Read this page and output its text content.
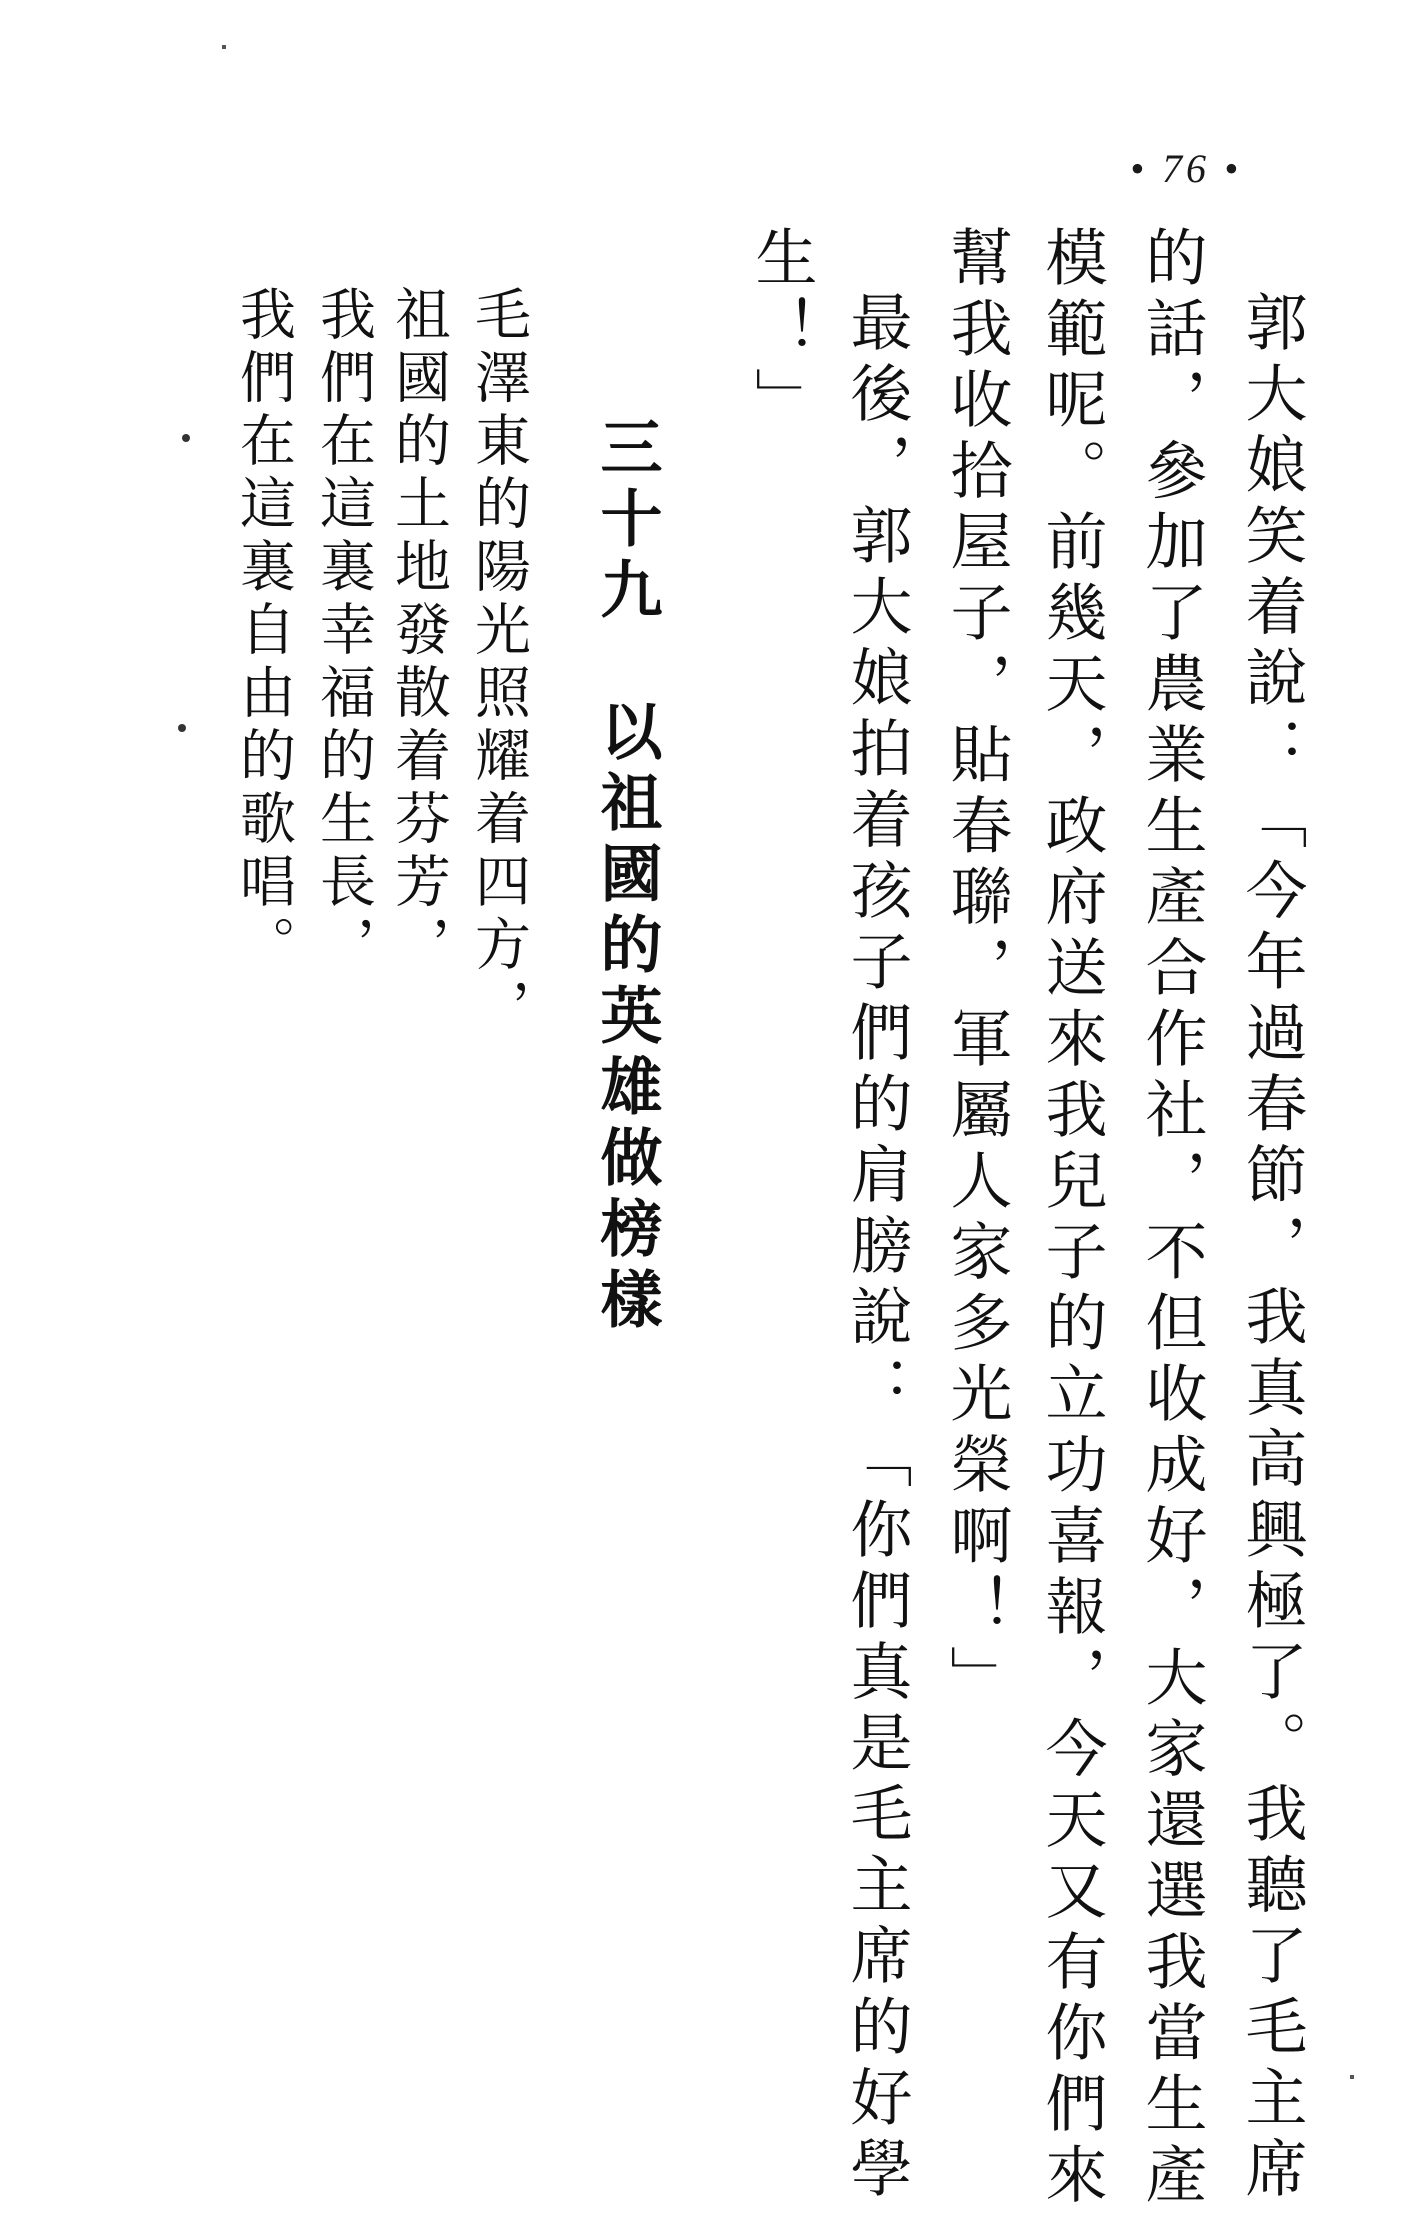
• 76 •
郭大娘笑着說：「今年過春節，我真高興極了。我聽了毛主席
的話，參加了農業生產合作社，不但收成好，大家還選我當生產
模範呢。前幾天，政府送來我兒子的立功喜報，今天又有你們來
幫我收拾屋子，貼春聯，軍屬人家多光榮啊！」
最後，郭大娘拍着孩子們的肩膀說：「你們真是毛主席的好學
生！」
三十九　以祖國的英雄做榜樣
毛澤東的陽光照耀着四方，
祖國的土地發散着芬芳，
我們在這裏幸福的生長，
我們在這裏自由的歌唱。
